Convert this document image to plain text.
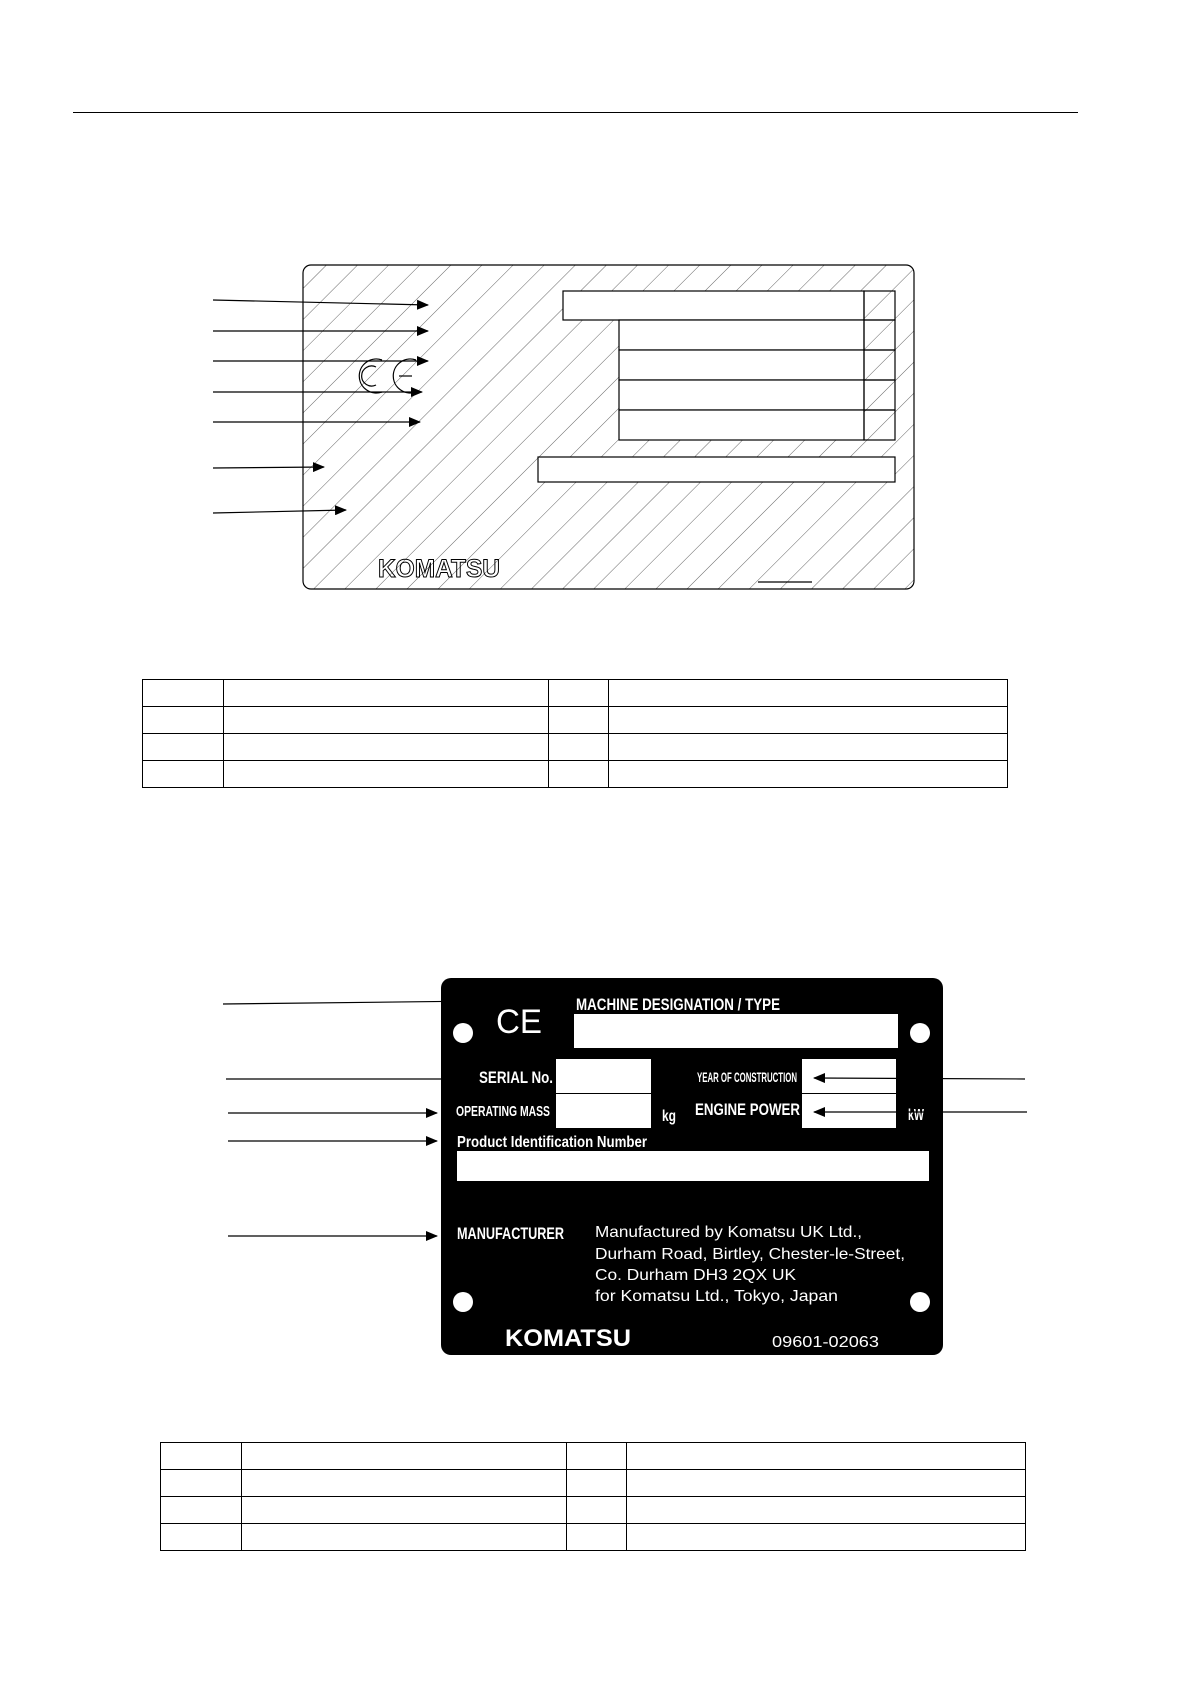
KOMATSU
CE MACHINE DESIGNATION / TYPE
SERIAL No.	YEAR OF CONSTRUCTION
OPERATING MASS	kg ENGINE POWER	kW
Product Identification Number
MANUFACTURER Manufactured by Komatsu UK Ltd.,
Durham Road, Birtley, Chester-le-Street,
Co. Durham DH3 2QX UK
for Komatsu Ltd., Tokyo, Japan
KOMATSU	09601-02063
